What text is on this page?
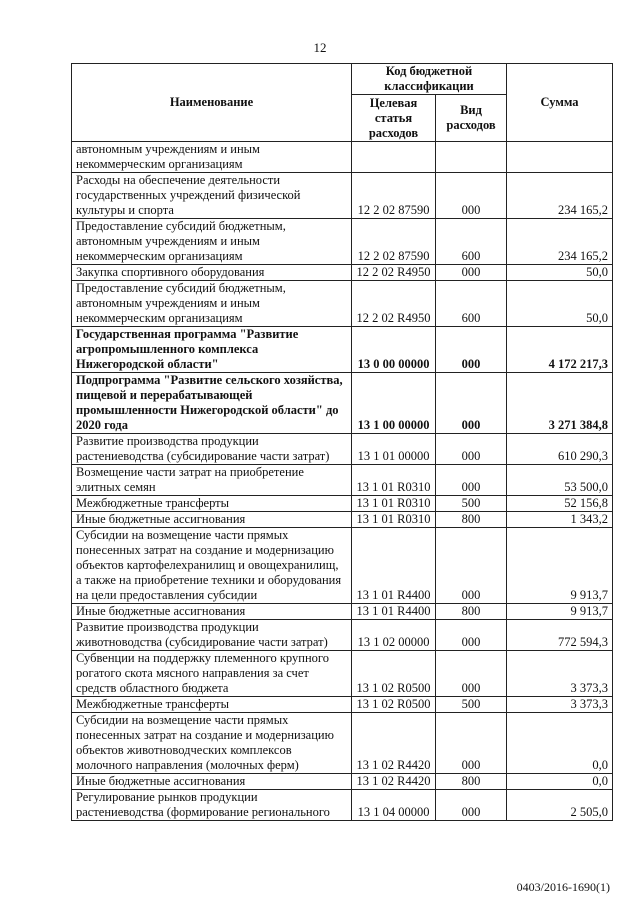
12
Наименование	Код бюджетной классификации		Сумма
	Целевая статья расходов	Вид расходов	
автономным учреждениям и иным некоммерческим организациям			
Расходы на обеспечение деятельности государственных учреждений физической культуры и спорта	12 2 02 87590	000	234 165,2
Предоставление субсидий бюджетным, автономным учреждениям и иным некоммерческим организациям	12 2 02 87590	600	234 165,2
Закупка спортивного оборудования	12 2 02 R4950	000	50,0
Предоставление субсидий бюджетным, автономным учреждениям и иным некоммерческим организациям	12 2 02 R4950	600	50,0
Государственная программа "Развитие агропромышленного комплекса Нижегородской области"	13 0 00 00000	000	4 172 217,3
Подпрограмма "Развитие сельского хозяйства, пищевой и перерабатывающей промышленности Нижегородской области" до 2020 года	13 1 00 00000	000	3 271 384,8
Развитие производства продукции растениеводства (субсидирование части затрат)	13 1 01 00000	000	610 290,3
Возмещение части затрат на приобретение элитных семян	13 1 01 R0310	000	53 500,0
Межбюджетные трансферты	13 1 01 R0310	500	52 156,8
Иные бюджетные ассигнования	13 1 01 R0310	800	1 343,2
Субсидии на возмещение части прямых понесенных затрат на создание и модернизацию объектов картофелехранилищ и овощехранилищ, а также на приобретение техники и оборудования на цели предоставления субсидии	13 1 01 R4400	000	9 913,7
Иные бюджетные ассигнования	13 1 01 R4400	800	9 913,7
Развитие производства продукции животноводства (субсидирование части затрат)	13 1 02 00000	000	772 594,3
Субвенции на поддержку племенного крупного рогатого скота мясного направления за счет средств областного бюджета	13 1 02 R0500	000	3 373,3
Межбюджетные трансферты	13 1 02 R0500	500	3 373,3
Субсидии на возмещение части прямых понесенных затрат на создание и модернизацию объектов животноводческих комплексов молочного направления (молочных ферм)	13 1 02 R4420	000	0,0
Иные бюджетные ассигнования	13 1 02 R4420	800	0,0
Регулирование рынков продукции растениеводства (формирование регионального	13 1 04 00000	000	2 505,0
0403/2016-1690(1)
